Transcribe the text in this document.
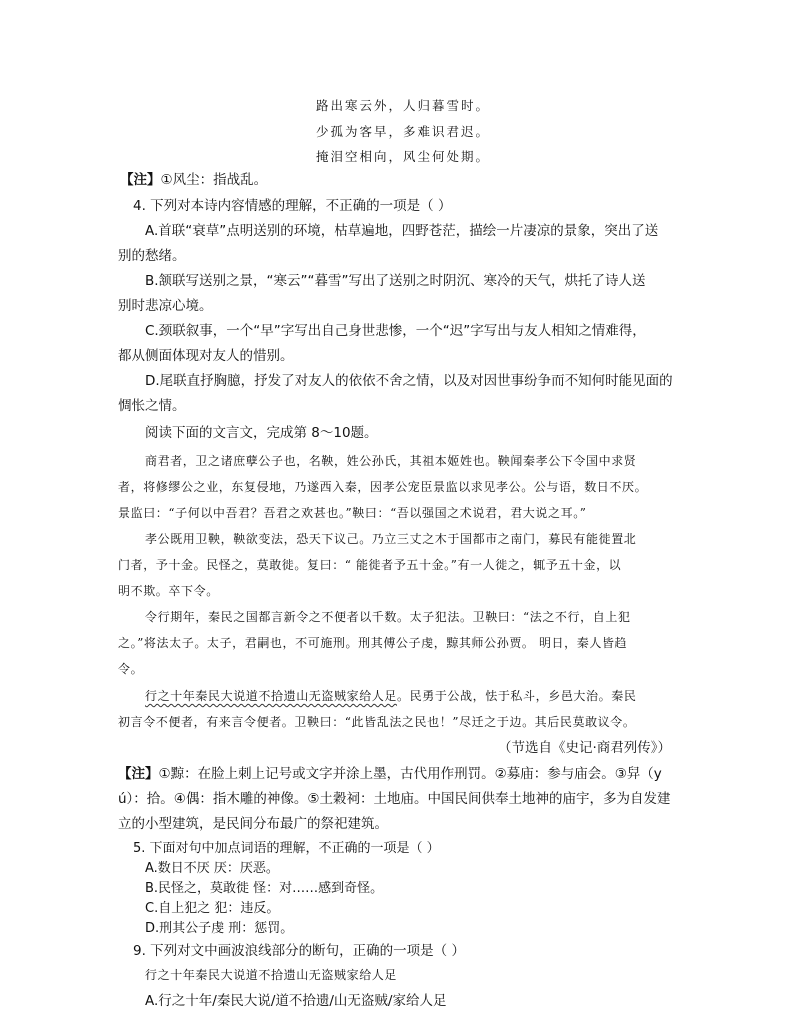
路出寒云外，人归暮雪时。
少孤为客早，多难识君迟。
掩泪空相向，风尘何处期。
【注】①风尘：指战乱。
4. 下列对本诗内容情感的理解，不正确的一项是（ ）
A.首联“衰草”点明送别的环境，枯草遍地，四野苍茫，描绘一片凄凉的景象，突出了送
别的愁绪。
B.颔联写送别之景，“寒云”“暮雪”写出了送别之时阴沉、寒冷的天气，烘托了诗人送
别时悲凉心境。
C.颈联叙事，一个“早”字写出自己身世悲惨，一个“迟”字写出与友人相知之情难得，
都从侧面体现对友人的惜别。
D.尾联直抒胸臆，抒发了对友人的依依不舍之情，以及对因世事纷争而不知何时能见面的
惆怅之情。
阅读下面的文言文，完成第 8～10题。
商君者，卫之诸庶孽公子也，名鞅，姓公孙氏，其祖本姬姓也。鞅闻秦孝公下令国中求贤
者，将修缪公之业，东复侵地，乃遂西入秦，因孝公宠臣景监以求见孝公。公与语，数日不厌。
景监曰：“子何以中吾君？吾君之欢甚也。”鞅曰：“吾以强国之术说君，君大说之耳。”
孝公既用卫鞅，鞅欲变法，恐天下议己。乃立三丈之木于国都市之南门，募民有能徙置北
门者，予十金。民怪之，莫敢徙。复曰：“ 能徙者予五十金。”有一人徙之，辄予五十金，以
明不欺。卒下令。
令行期年，秦民之国都言新令之不便者以千数。太子犯法。卫鞅曰：“法之不行，自上犯
之。”将法太子。太子，君嗣也，不可施刑。刑其傅公子虔，黥其师公孙贾。 明日，秦人皆趋
令。
行之十年秦民大说道不拾遗山无盗贼家给人足。民勇于公战，怯于私斗，乡邑大治。秦民
初言令不便者，有来言令便者。卫鞅曰：“此皆乱法之民也！”尽迁之于边。其后民莫敢议令。
（节选自《史记·商君列传》）
【注】①黥：在脸上刺上记号或文字并涂上墨，古代用作刑罚。②募庙：参与庙会。③舁（y
ú）：拾。④偶：指木雕的神像。⑤土穀祠：土地庙。中国民间供奉土地神的庙宇，多为自发建
立的小型建筑，是民间分布最广的祭祀建筑。
5. 下面对句中加点词语的理解，不正确的一项是（ ）
A.数日不厌 厌：厌恶。
B.民怪之，莫敢徙 怪：对……感到奇怪。
C.自上犯之 犯：违反。
D.刑其公子虔 刑：惩罚。
9. 下列对文中画波浪线部分的断句，正确的一项是（ ）
行之十年秦民大说道不拾遗山无盗贼家给人足
A.行之十年/秦民大说/道不拾遗/山无盗贼/家给人足
